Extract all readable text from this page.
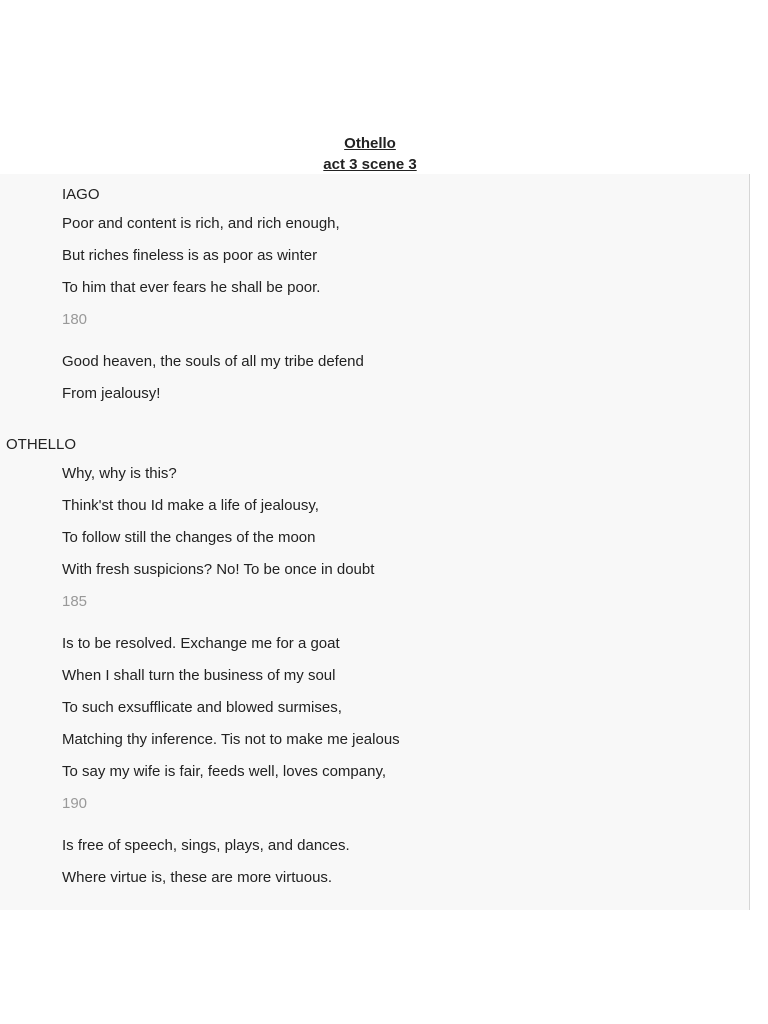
Othello
act 3 scene 3
IAGO
Poor and content is rich, and rich enough,
But riches fineless is as poor as winter
To him that ever fears he shall be poor.
180
Good heaven, the souls of all my tribe defend
From jealousy!
OTHELLO
Why, why is this?
Think'st thou Id make a life of jealousy,
To follow still the changes of the moon
With fresh suspicions? No! To be once in doubt
185
Is to be resolved. Exchange me for a goat
When I shall turn the business of my soul
To such exsufflicate and blowed surmises,
Matching thy inference. Tis not to make me jealous
To say my wife is fair, feeds well, loves company,
190
Is free of speech, sings, plays, and dances.
Where virtue is, these are more virtuous.
